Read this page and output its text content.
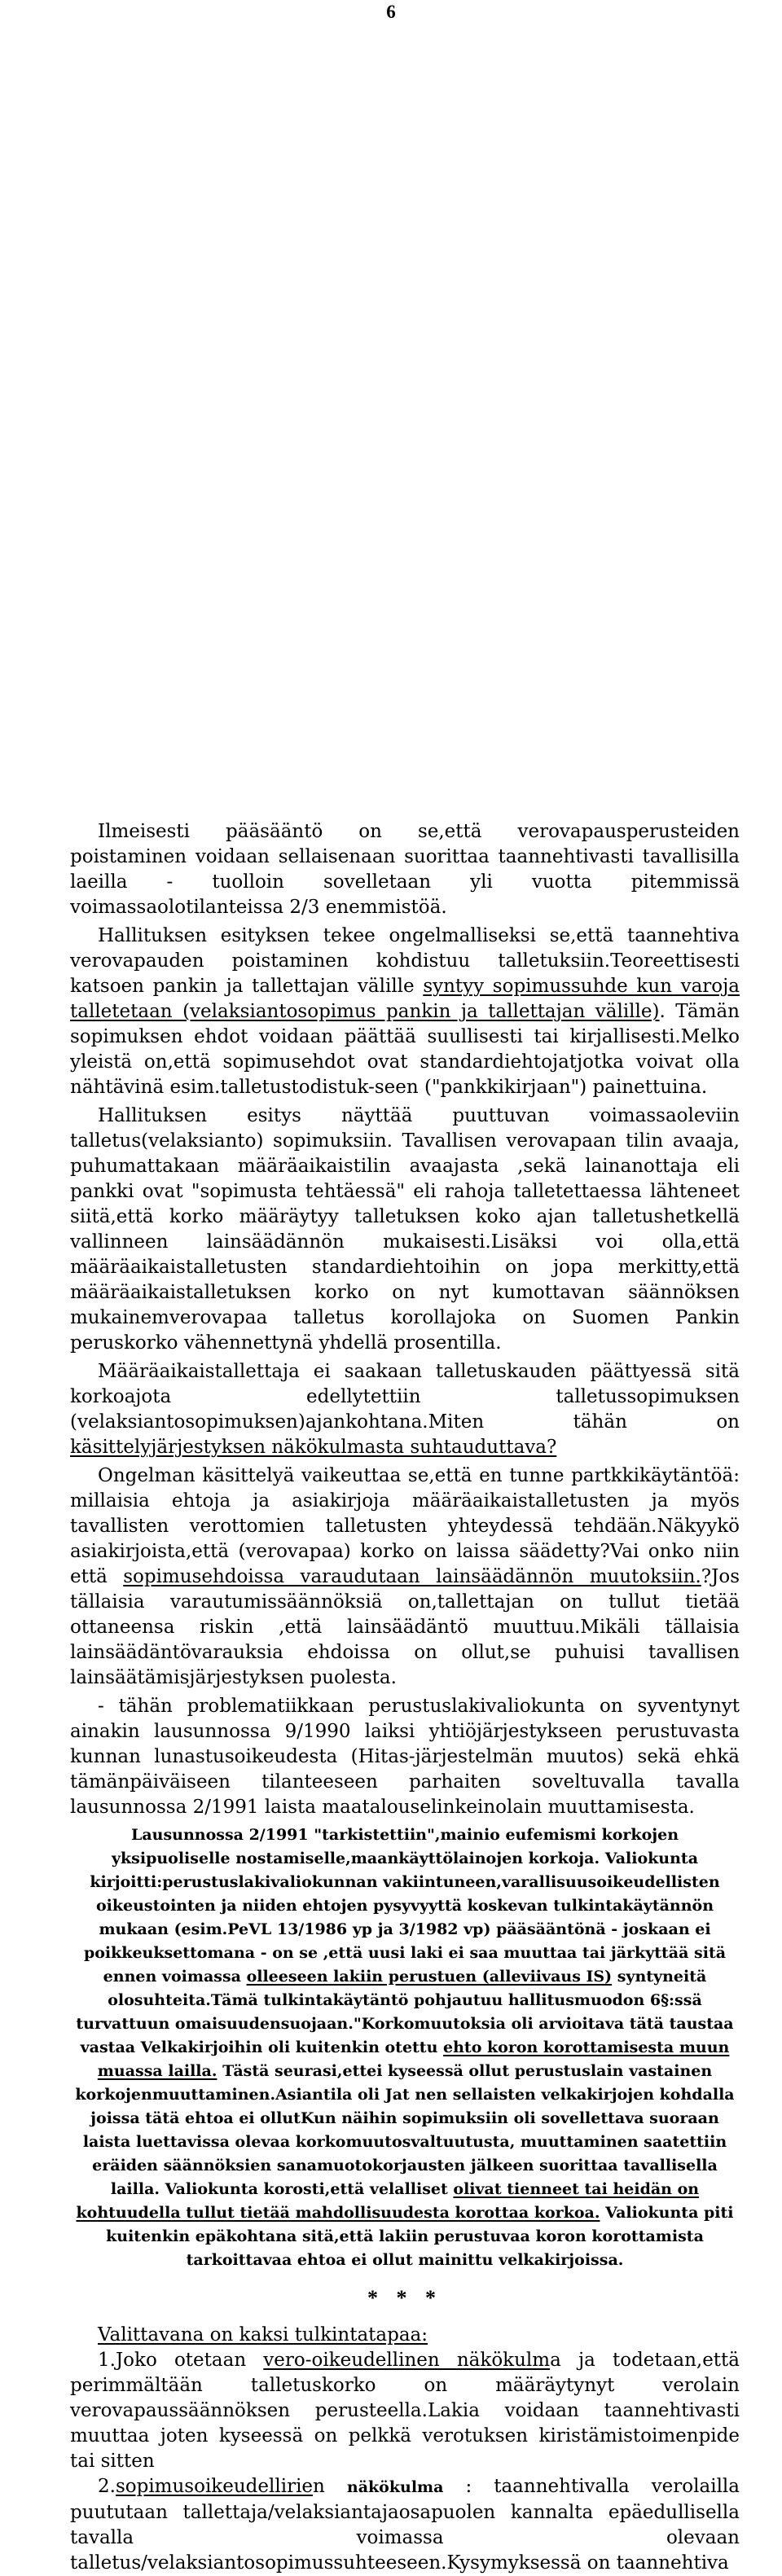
6

Ilmeisesti pääsääntö on se,että verovapausperusteiden poistaminen voidaan sellaisenaan suorittaa taannehtivasti tavallisilla laeilla - tuolloin sovelletaan yli vuotta pitemmissä voimassaolotilanteissa 2/3 enemmistöä.

Hallituksen esityksen tekee ongelmalliseksi se,että taannehtiva verovapauden poistaminen kohdistuu talletuksiin.Teoreettisesti katsoen pankin ja tallettajan välille syntyy sopimussuhde kun varoja talletetaan (velaksiantosopimus pankin ja tallettajan välille). Tämän sopimuksen ehdot voidaan päättää suullisesti tai kirjallisesti.Melko yleistä on,että sopimusehdot ovat standardiehtojatjotka voivat olla nähtävinä esim.talletustodistuk-seen ("pankkikirjaan") painettuina.

Hallituksen esitys näyttää puuttuvan voimassaoleviin talletus(velaksianto) sopimuksiin. Tavallisen verovapaan tilin avaaja, puhumattakaan määräaikaistilin avaajasta ,sekä lainanottaja eli pankki ovat "sopimusta tehtäessä" eli rahoja talletettaessa lähteneet siitä,että korko määräytyy talletuksen koko ajan talletushetkellä vallinneen lainsäädännön mukaisesti.Lisäksi voi olla,että määräaikaistalletusten standardiehtoihin on jopa merkitty,että määräaikaistalletuksen korko on nyt kumottavan säännöksen mukainemverovapaa talletus korollajoka on Suomen Pankin peruskorko vähennettynä yhdellä prosentilla.

Määräaikaistallettaja ei saakaan talletuskauden päättyessä sitä korkoajota edellytettiin talletussopimuksen (velaksiantosopimuksen)ajankohtana.Miten tähän on käsittelyjärjestyksen näkökulmasta suhtauduttava?

Ongelman käsittelyä vaikeuttaa se,että en tunne partkkikäytäntöä: millaisia ehtoja ja asiakirjoja määräaikaistalletusten ja myös tavallisten verottomien talletusten yhteydessä tehdään.Näkyykö asiakirjoista,että (verovapaa) korko on laissa säädetty?Vai onko niin että sopimusehdoissa varaudutaan lainsäädännön muutoksiin.?Jos tällaisia varautumissäännöksiä on,tallettajan on tullut tietää ottaneensa riskin ,että lainsäädäntö muuttuu.Mikäli tällaisia lainsäädäntövarauksia ehdoissa on ollut,se puhuisi tavallisen lainsäätämisjärjestyksen puolesta.

- tähän problematiikkaan perustuslakivaliokunta on syventynyt ainakin lausunnossa 9/1990 laiksi yhtiöjärjestykseen perustuvasta kunnan lunastusoikeudesta (Hitas-järjestelmän muutos) sekä ehkä tämänpäiväiseen tilanteeseen parhaiten soveltuvalla tavalla lausunnossa 2/1991 laista maatalouselinkeinolain muuttamisesta.

Lausunnossa 2/1991 "tarkistettiin",mainio eufemismi korkojen yksipuoliselle nostamiselle,maankäyttölainojen korkoja. Valiokunta kirjoitti:perustuslakivaliokunnan vakiintuneen,varallisuusoikeudellisten oikeustointen ja niiden ehtojen pysyvyyttä koskevan tulkintakäytännön mukaan (esim.PeVL 13/1986 yp ja 3/1982 vp) pääsääntönä - joskaan ei poikkeuksettomana - on se ,että uusi laki ei saa muuttaa tai järkyttää sitä ennen voimassa olleeseen lakiin perustuen (alleviivaus IS) syntyneitä olosuhteita.Tämä tulkintakäytäntö pohjautuu hallitusmuodon 6§:ssä turvattuun omaisuudensuojaan."Korkomuutoksia oli arvioitava tätä taustaa vastaa Velkakirjoihin oli kuitenkin otettu ehto koron korottamisesta muun muassa lailla. Tästä seurasi,ettei kyseessä ollut perustuslain vastainen korkojenmuuttaminen.Asiantila oli Jat nen sellaisten velkakirjojen kohdalla joissa tätä ehtoa ei ollutKun näihin sopimuksiin oli sovellettava suoraan laista luettavissa olevaa korkomuutosvaltuutusta, muuttaminen saatettiin eräiden säännöksien sanamuotokorjausten jälkeen suorittaa tavallisella lailla. Valiokunta korosti,että velalliset olivat tienneet tai heidän on kohtuudella tullut tietää mahdollisuudesta korottaa korkoa. Valiokunta piti kuitenkin epäkohtana sitä,että lakiin perustuvaa koron korottamista tarkoittavaa ehtoa ei ollut mainittu velkakirjoissa.
* * *

Valittavana on kaksi tulkintatapaa:

1.Joko otetaan vero-oikeudellinen näkökulma ja todetaan,että perimmältään talletuskorko on määräytynyt verolain verovapaussäännöksen perusteella.Lakia voidaan taannehtivasti muuttaa joten kyseessä on pelkkä verotuksen kiristämistoimenpide tai sitten

2.sopimusoikeudellirien näkökulma : taannehtivalla verolailla puututaan tallettaja/velaksiantajaosapuolen kannalta epäedullisella tavalla voimassa olevaan talletus/velaksiantosopimussuhteeseen.Kysymyksessä on taannehtiva
